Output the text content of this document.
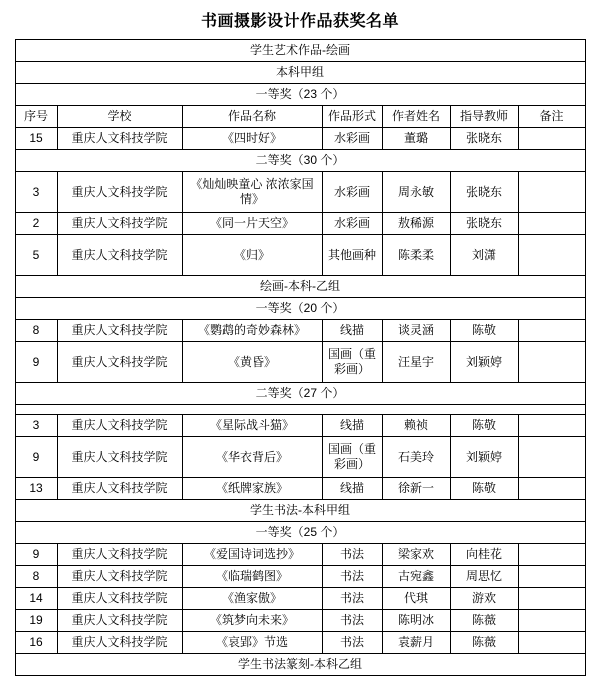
书画摄影设计作品获奖名单
学生艺术作品-绘画						
本科甲组						
一等奖（23 个）						
序号	学校	作品名称	作品形式	作者姓名	指导教师	备注
15	重庆人文科技学院	《四时好》	水彩画	董璐	张晓东	
二等奖（30 个）						
3	重庆人文科技学院	《灿灿映童心 浓浓家国情》	水彩画	周永敏	张晓东	
2	重庆人文科技学院	《同一片天空》	水彩画	敖稀源	张晓东	
5	重庆人文科技学院	《归》	其他画种	陈柔柔	刘潇	
绘画-本科-乙组						
一等奖（20 个）						
8	重庆人文科技学院	《鹦鹉的奇妙森林》	线描	谈灵涵	陈敬	
9	重庆人文科技学院	《黄昏》	国画（重彩画）	汪星宇	刘颖婷	
二等奖（27 个）						

3	重庆人文科技学院	《星际战斗猫》	线描	赖祯	陈敬	
9	重庆人文科技学院	《华衣背后》	国画（重彩画）	石美玲	刘颖婷	
13	重庆人文科技学院	《纸牌家族》	线描	徐新一	陈敬	
学生书法-本科甲组						
一等奖（25 个）						
9	重庆人文科技学院	《爱国诗词选抄》	书法	梁家欢	向桂花	
8	重庆人文科技学院	《临瑞鹤图》	书法	古宛鑫	周思忆	
14	重庆人文科技学院	《渔家傲》	书法	代琪	游欢	
19	重庆人文科技学院	《筑梦向未来》	书法	陈明冰	陈薇	
16	重庆人文科技学院	《哀郢》节选	书法	袁薪月	陈薇	
学生书法篆刻-本科乙组						
